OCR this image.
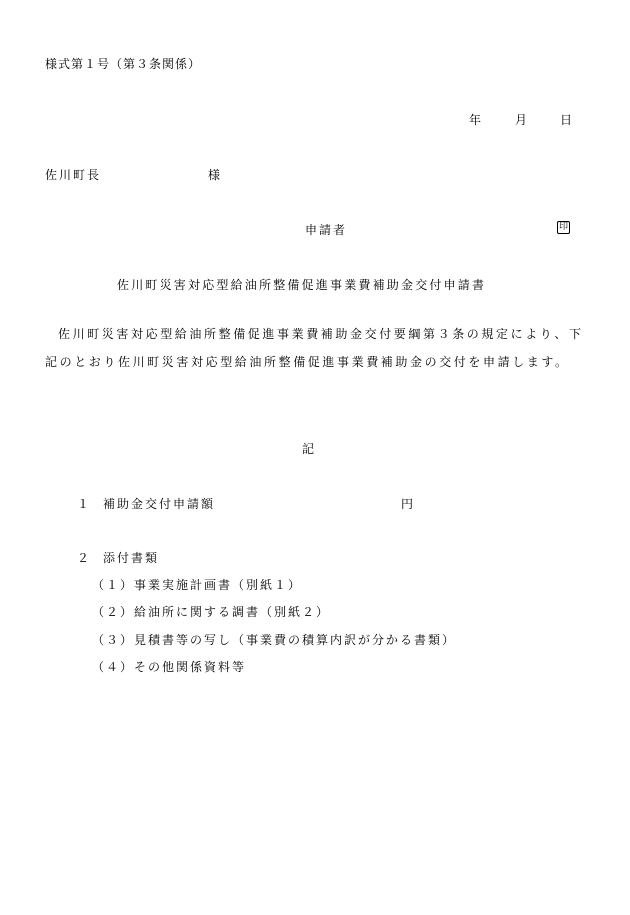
様式第１号（第３条関係）
年	月	日
佐川町長	様
申請者	印
佐川町災害対応型給油所整備促進事業費補助金交付申請書
佐川町災害対応型給油所整備促進事業費補助金交付要綱第３条の規定により、下記のとおり佐川町災害対応型給油所整備促進事業費補助金の交付を申請します。
記
１ 補助金交付申請額	円
２ 添付書類
（１）事業実施計画書（別紙１）
（２）給油所に関する調書（別紙２）
（３）見積書等の写し（事業費の積算内訳が分かる書類）
（４）その他関係資料等
